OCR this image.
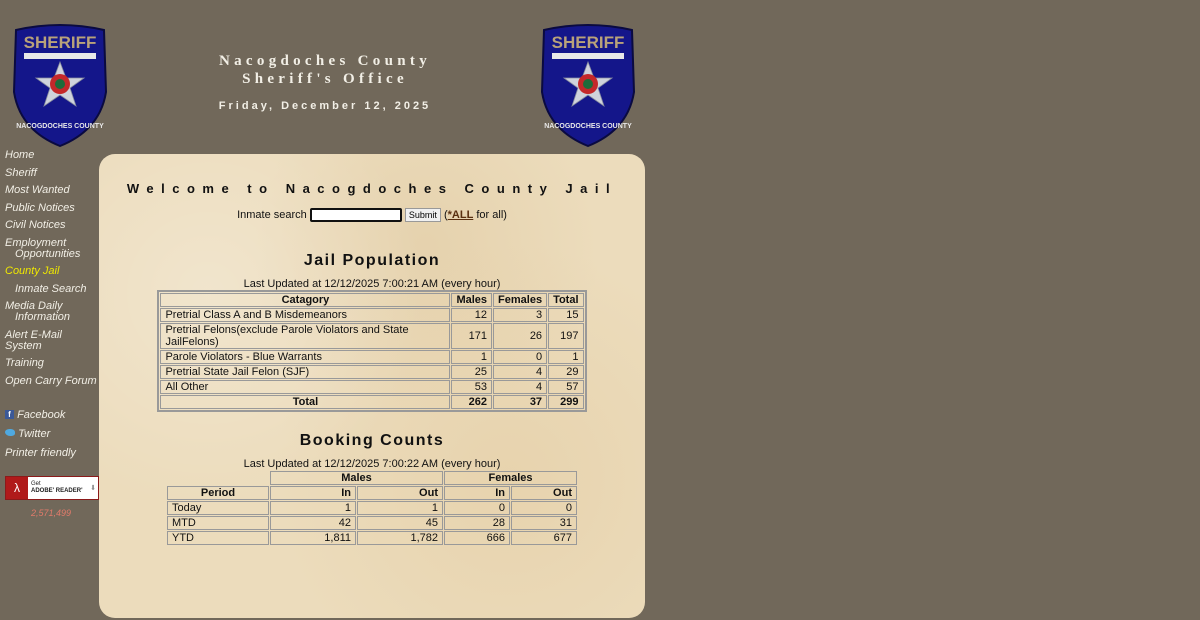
SHERIFF
NACOGDOCHES COUNTY
Nacogdoches County
Sheriff's Office
Friday, December 12, 2025
SHERIFF
NACOGDOCHES COUNTY
Home
Sheriff
Most Wanted
Public Notices
Civil Notices
Employment
Opportunities
County Jail
Inmate Search
Media Daily
Information
Alert E-Mail System
Training
Open Carry Forum
f Facebook
Twitter
Printer friendly
λ	Get
ADOBE' READER'	⬇
2,571,499
Welcome to Nacogdoches County Jail
Inmate search	Submit (*ALL for all)
Jail Population
Last Updated at 12/12/2025 7:00:21 AM (every hour)
Catagory	Males	Females	Total
Pretrial Class A and B Misdemeanors	12	3	15
Pretrial Felons(exclude Parole Violators and State JailFelons)	171	26	197
Parole Violators - Blue Warrants	1	0	1
Pretrial State Jail Felon (SJF)	25	4	29
All Other	53	4	57
Total	262	37	299
Booking Counts
Last Updated at 12/12/2025 7:00:22 AM (every hour)
	Males		Females	
Period	In	Out	In	Out
Today	1	1	0	0
MTD	42	45	28	31
YTD	1,811	1,782	666	677
